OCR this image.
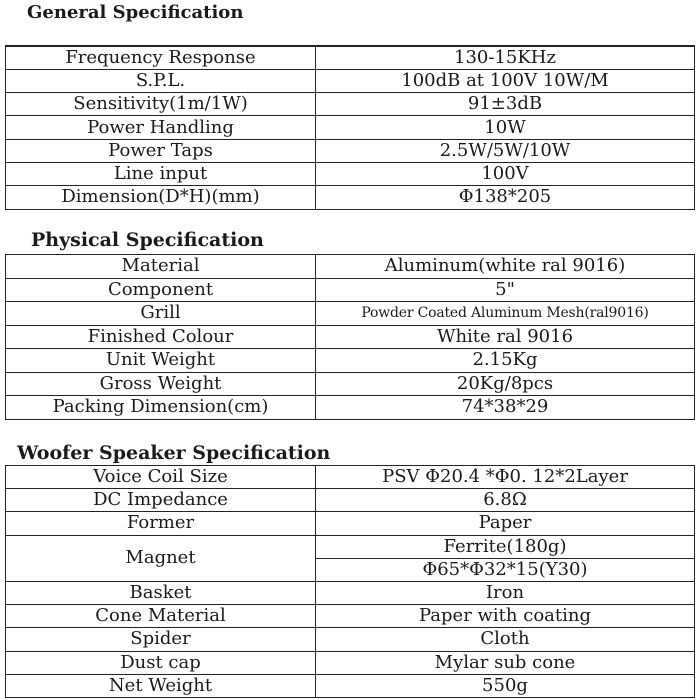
General Specification
Frequency Response	130-15KHz
S.P.L.	100dB at 100V 10W/M
Sensitivity(1m/1W)	91±3dB
Power Handling	10W
Power Taps	2.5W/5W/10W
Line input	100V
Dimension(D*H)(mm)	Φ138*205
Physical Specification
Material	Aluminum(white ral 9016)
Component	5"
Grill	Powder Coated Aluminum Mesh(ral9016)
Finished Colour	White ral 9016
Unit Weight	2.15Kg
Gross Weight	20Kg/8pcs
Packing Dimension(cm)	74*38*29
Woofer Speaker Specification
Voice Coil Size	PSV Φ20.4 *Φ0. 12*2Layer
DC Impedance	6.8Ω
Former	Paper
Magnet	Ferrite(180g)
	Φ65*Φ32*15(Y30)
Basket	Iron
Cone Material	Paper with coating
Spider	Cloth
Dust cap	Mylar sub cone
Net Weight	550g
